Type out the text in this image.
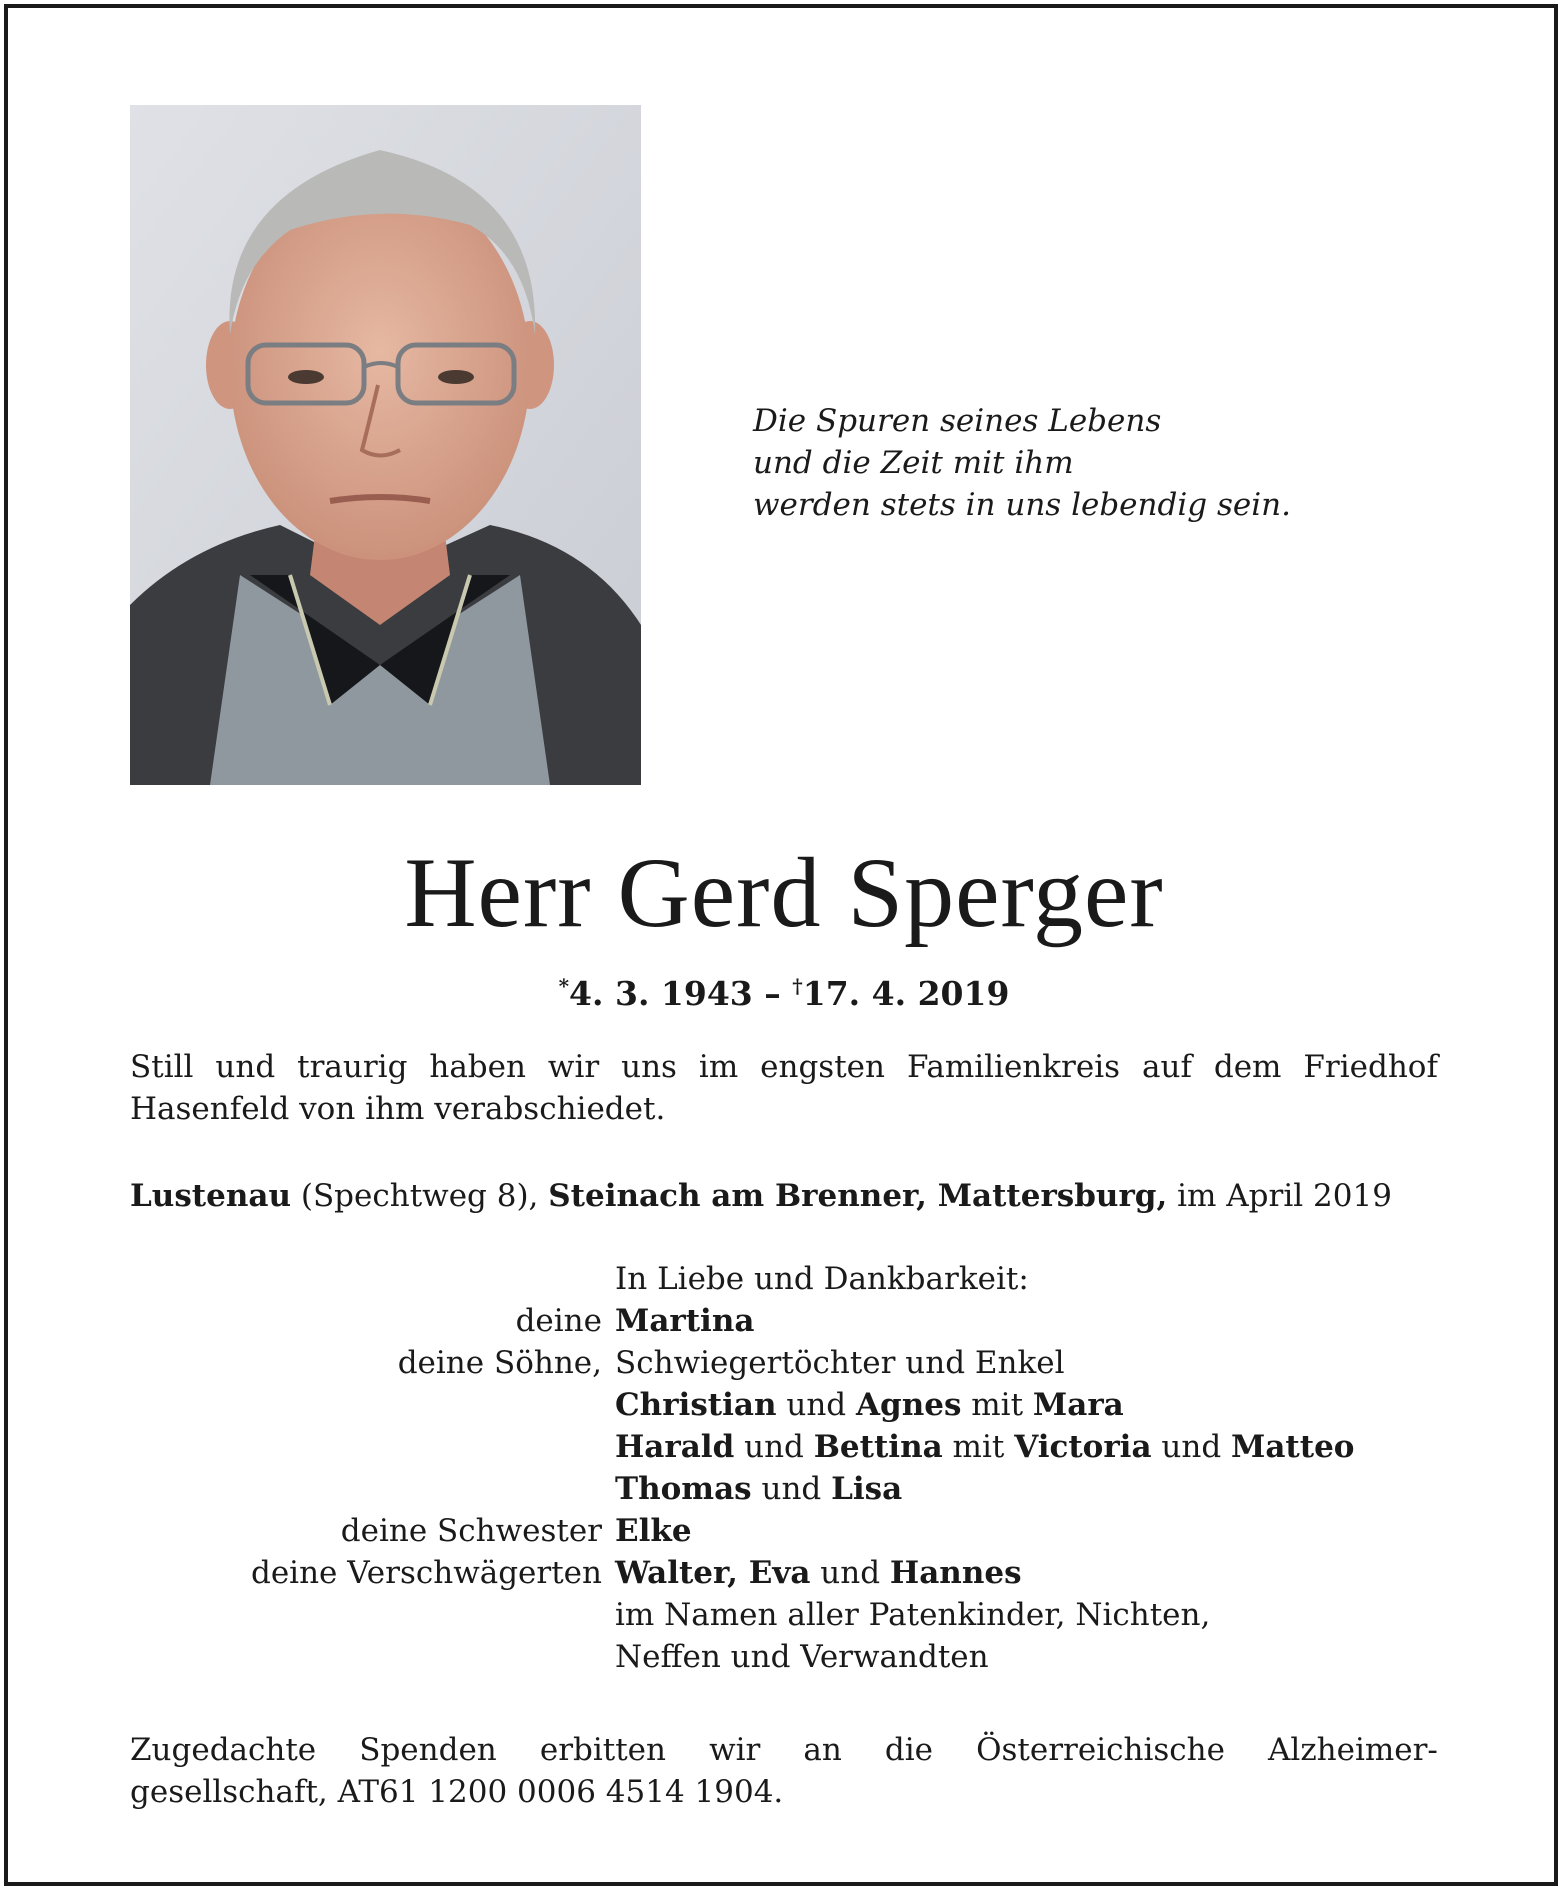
Die Spuren seines Lebens
und die Zeit mit ihm
werden stets in uns lebendig sein.
Herr Gerd Sperger
*4. 3. 1943 – †17. 4. 2019
Still und traurig haben wir uns im engsten Familienkreis auf dem Friedhof
Hasenfeld von ihm verabschiedet.
Lustenau (Spechtweg 8), Steinach am Brenner, Mattersburg, im April 2019
In Liebe und Dankbarkeit:
deine Martina
deine Söhne, Schwiegertöchter und Enkel
Christian und Agnes mit Mara
Harald und Bettina mit Victoria und Matteo
Thomas und Lisa
deine Schwester Elke
deine Verschwägerten Walter, Eva und Hannes
im Namen aller Patenkinder, Nichten,
Neffen und Verwandten
Zugedachte Spenden erbitten wir an die Österreichische Alzheimer-
gesellschaft, AT61 1200 0006 4514 1904.
